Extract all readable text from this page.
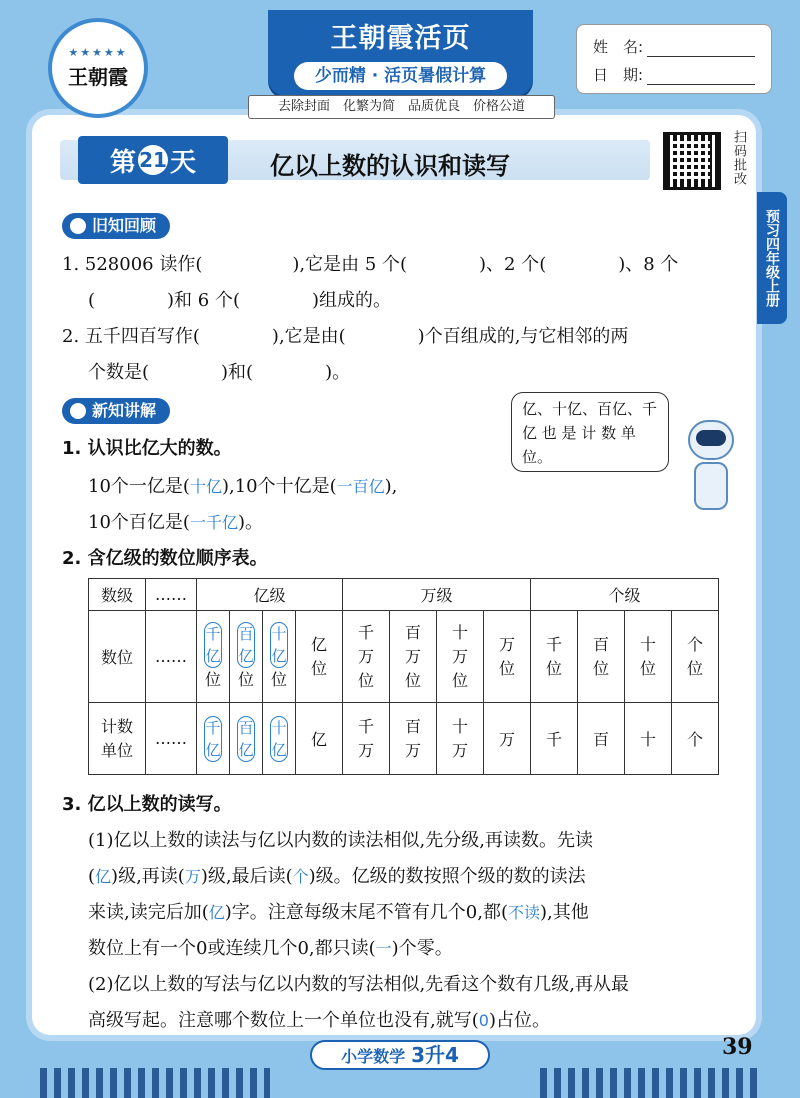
★★★★★
王朝霞
王朝霞活页
少而精 · 活页暑假计算
去除封面　化繁为简　品质优良　价格公道
姓　名:
日　期:
第 21 天	亿以上数的认识和读写	扫码批改
预习四年级上册
旧知回顾
1. 528006 读作(　　　　　),它是由 5 个(　　　　)、2 个(　　　　)、8 个
(　　　　)和 6 个(　　　　)组成的。
2. 五千四百写作(　　　　),它是由(　　　　)个百组成的,与它相邻的两
个数是(　　　　)和(　　　　)。
新知讲解	亿、十亿、百亿、千 亿 也 是 计 数 单位。
1. 认识比亿大的数。
10个一亿是(十亿),10个十亿是(一百亿),
10个百亿是(一千亿)。
2. 含亿级的数位顺序表。
数级	……	亿级				万级				个级			
数位	……	千亿位	百亿位	十亿位	亿位	千万位	百万位	十万位	万位	千位	百位	十位	个位
计数单位	……	千亿	百亿	十亿	亿	千万	百万	十万	万	千	百	十	个
3. 亿以上数的读写。
(1)亿以上数的读法与亿以内数的读法相似,先分级,再读数。先读
(亿)级,再读(万)级,最后读(个)级。亿级的数按照个级的数的读法
来读,读完后加(亿)字。注意每级末尾不管有几个0,都(不读),其他
数位上有一个0或连续几个0,都只读(一)个零。
(2)亿以上数的写法与亿以内数的写法相似,先看这个数有几级,再从最
高级写起。注意哪个数位上一个单位也没有,就写(0)占位。
小学数学 3升4	39
